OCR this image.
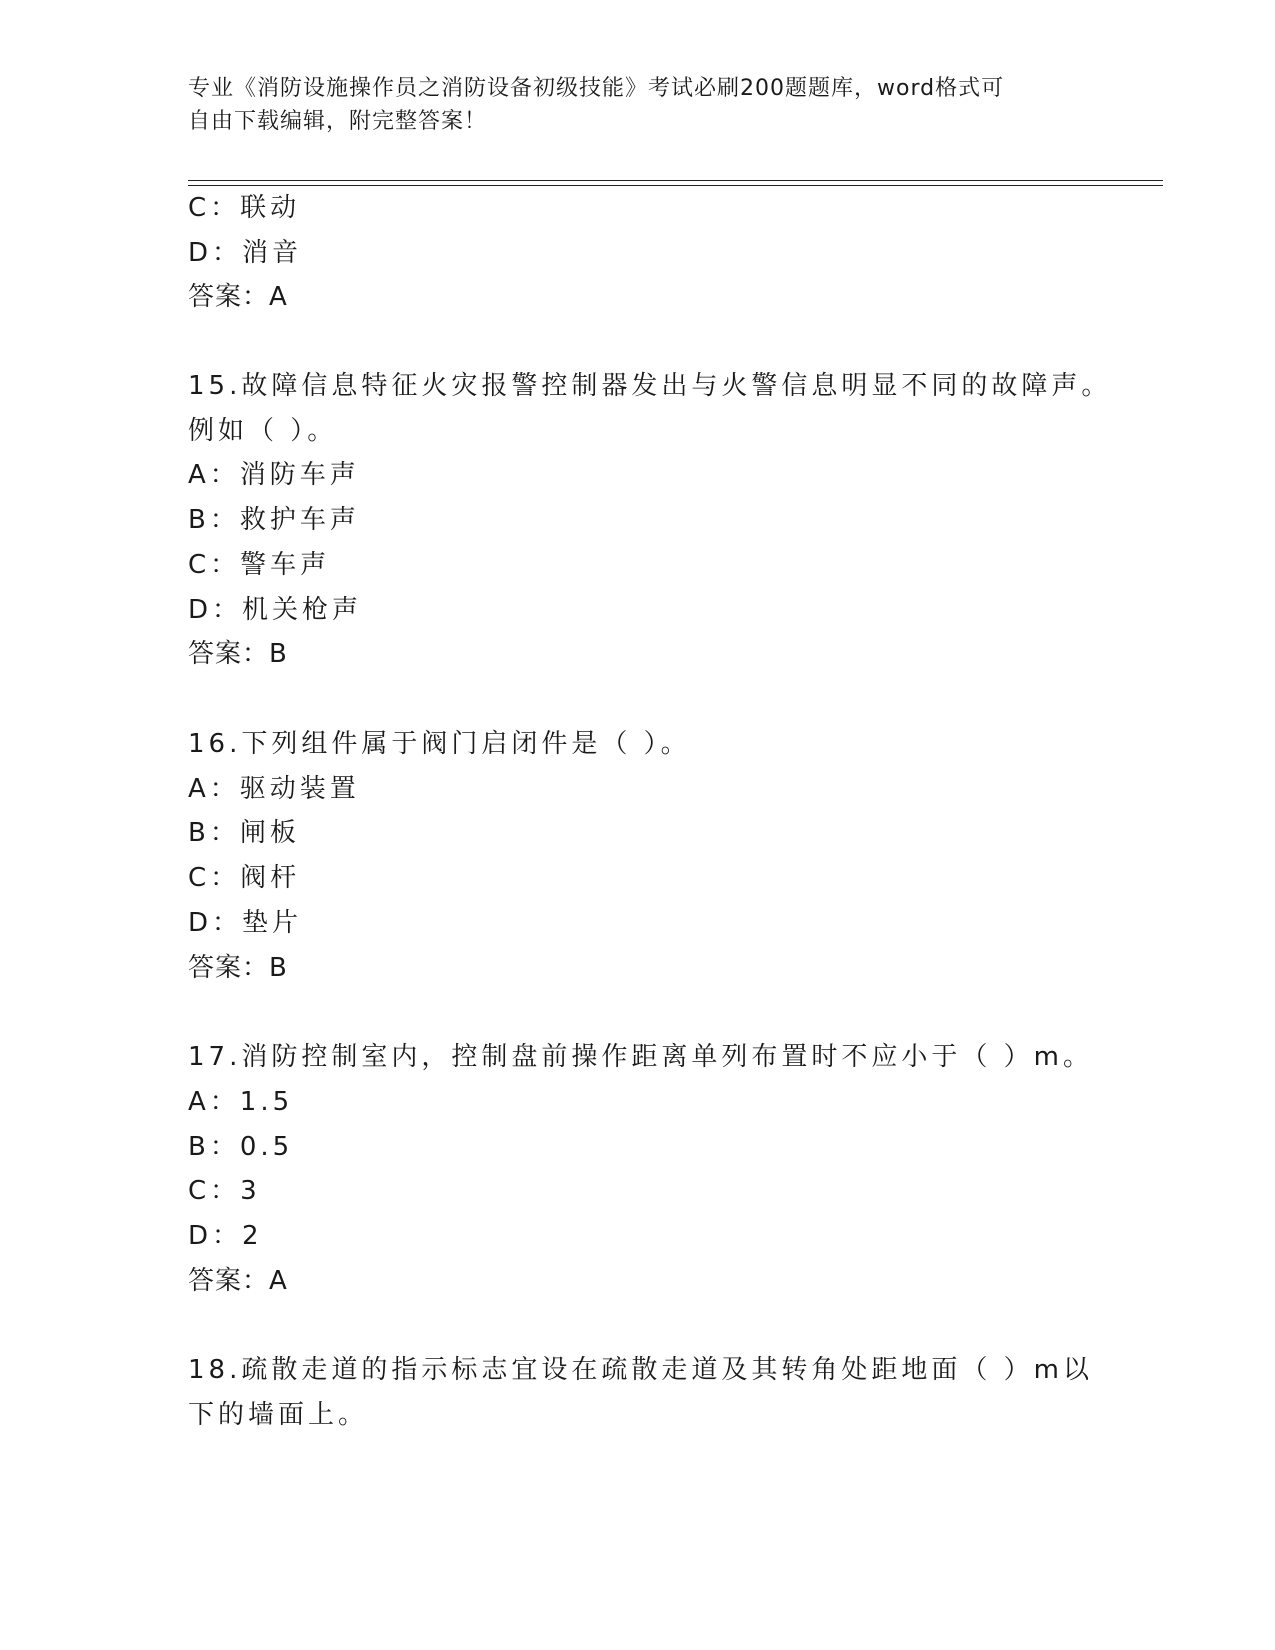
专业《消防设施操作员之消防设备初级技能》考试必刷200题题库，word格式可
自由下载编辑，附完整答案！
C：联动
D：消音
答案：A
15.故障信息特征火灾报警控制器发出与火警信息明显不同的故障声。
例如（ ）。
A：消防车声
B：救护车声
C：警车声
D：机关枪声
答案：B
16.下列组件属于阀门启闭件是（ ）。
A：驱动装置
B：闸板
C：阀杆
D：垫片
答案：B
17.消防控制室内，控制盘前操作距离单列布置时不应小于（ ）m。
A：1.5
B：0.5
C：3
D：2
答案：A
18.疏散走道的指示标志宜设在疏散走道及其转角处距地面（ ）m以
下的墙面上。
